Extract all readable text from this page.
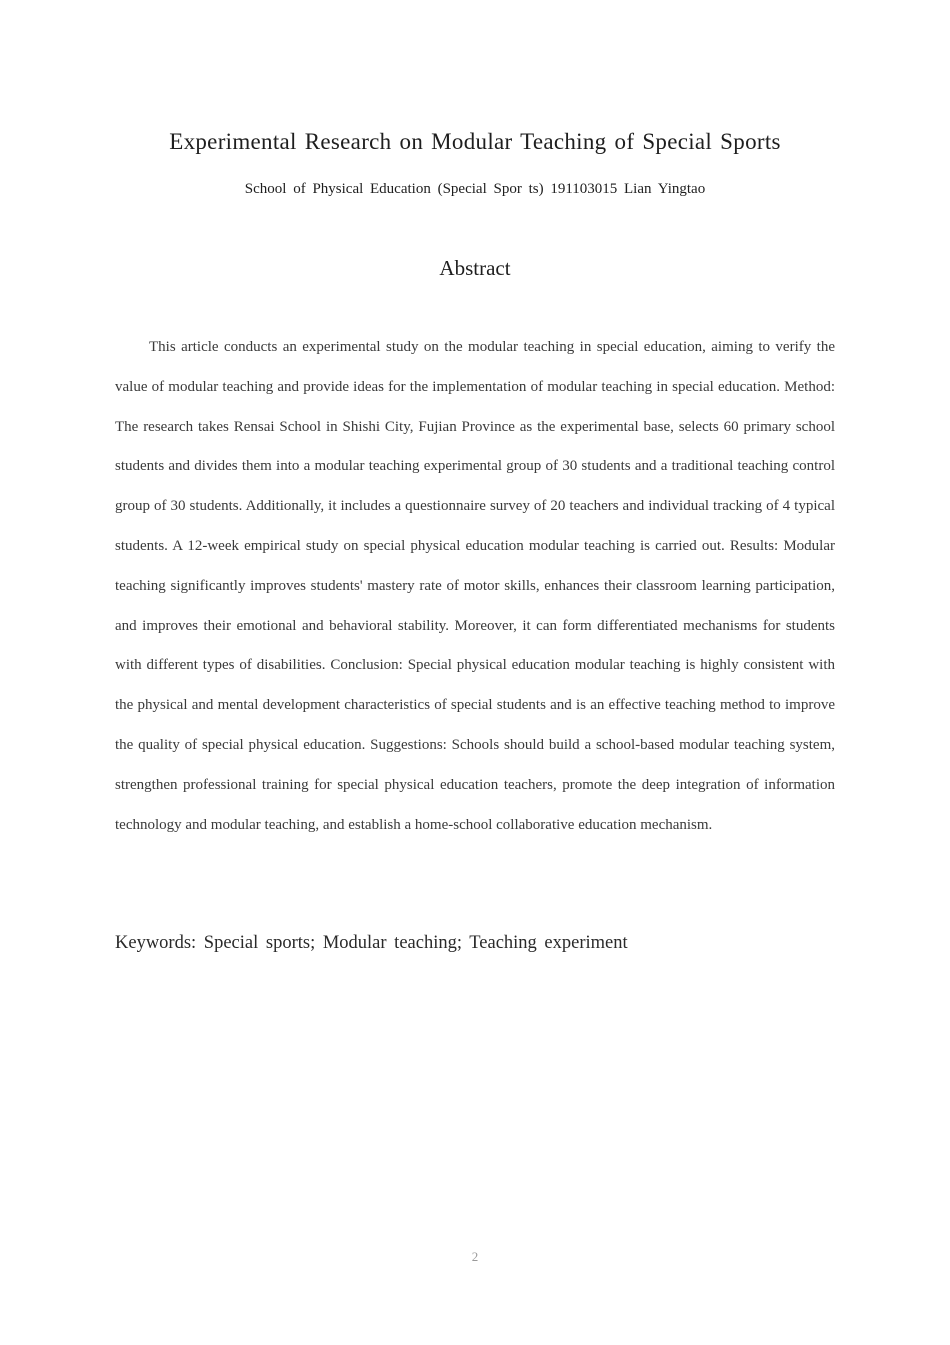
Experimental Research on Modular Teaching of Special Sports
School of Physical Education (Special Spor ts) 191103015 Lian Yingtao
Abstract

This article conducts an experimental study on the modular teaching in special education, aiming to verify the value of modular teaching and provide ideas for the implementation of modular teaching in special education. Method: The research takes Rensai School in Shishi City, Fujian Province as the experimental base, selects 60 primary school students and divides them into a modular teaching experimental group of 30 students and a traditional teaching control group of 30 students. Additionally, it includes a questionnaire survey of 20 teachers and individual tracking of 4 typical students. A 12-week empirical study on special physical education modular teaching is carried out. Results: Modular teaching significantly improves students' mastery rate of motor skills, enhances their classroom learning participation, and improves their emotional and behavioral stability. Moreover, it can form differentiated mechanisms for students with different types of disabilities. Conclusion: Special physical education modular teaching is highly consistent with the physical and mental development characteristics of special students and is an effective teaching method to improve the quality of special physical education. Suggestions: Schools should build a school-based modular teaching system, strengthen professional training for special physical education teachers, promote the deep integration of information technology and modular teaching, and establish a home-school collaborative education mechanism.

Keywords: Special sports; Modular teaching; Teaching experiment
2
